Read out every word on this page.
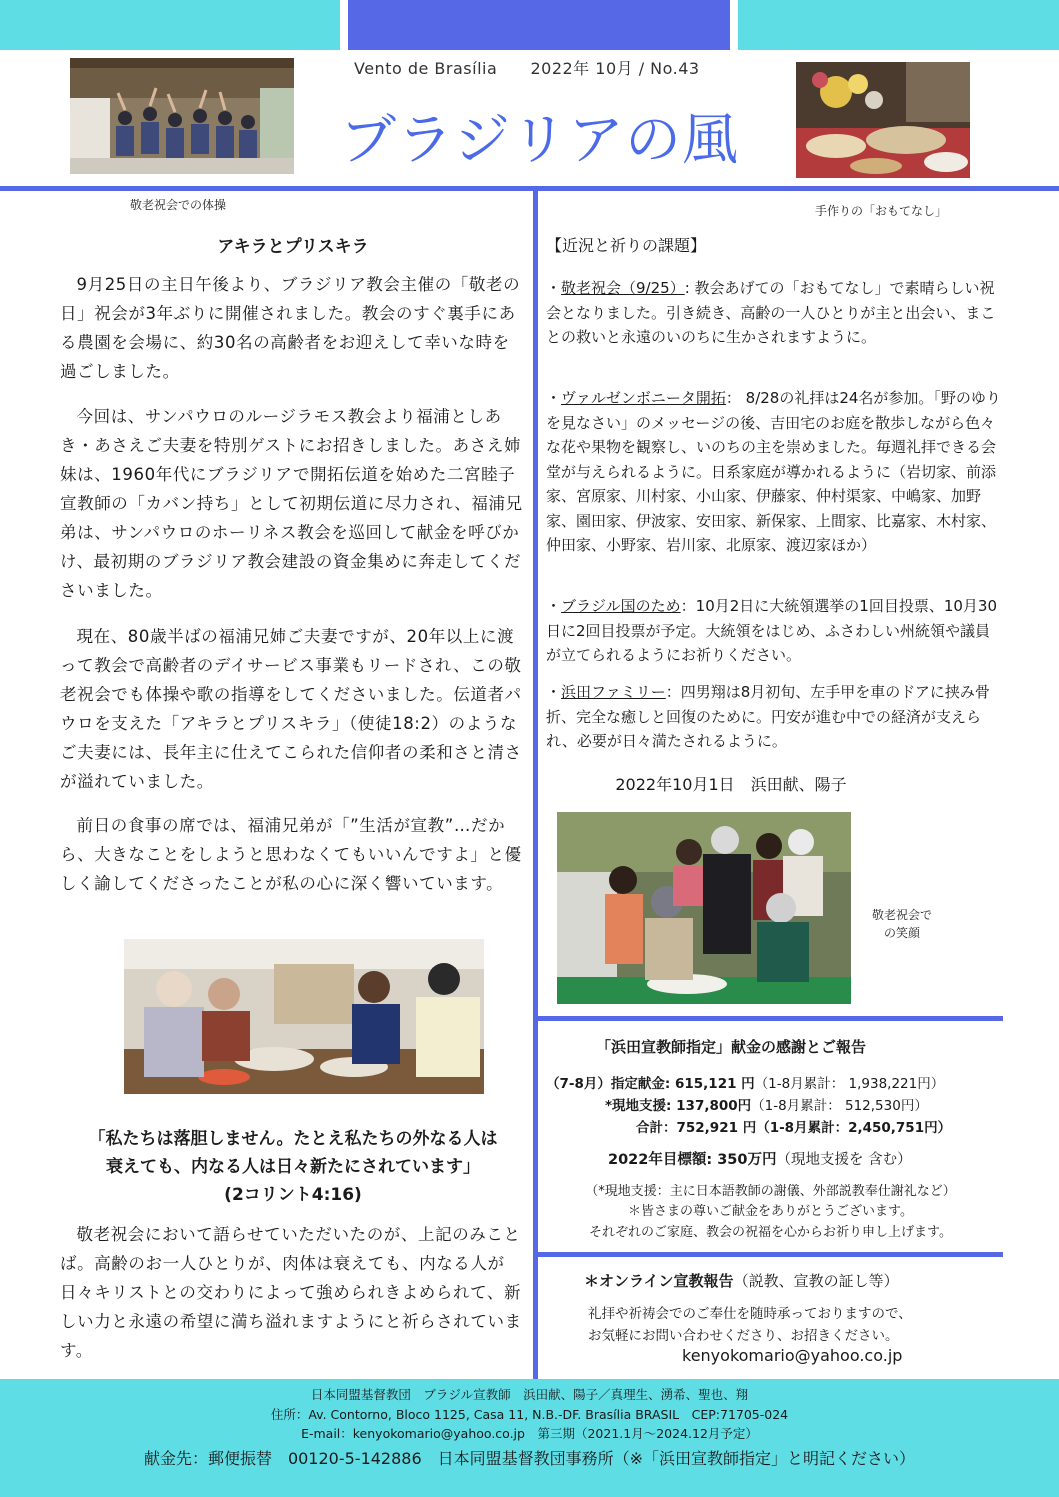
Vento de Brasília 2022年 10月 / No.43
ブラジリアの風
敬老祝会での体操	手作りの「おもてなし」
アキラとプリスキラ

9月25日の主日午後より、ブラジリア教会主催の「敬老の日」祝会が3年ぶりに開催されました。教会のすぐ裏手にある農園を会場に、約30名の高齢者をお迎えして幸いな時を過ごしました。

今回は、サンパウロのルージラモス教会より福浦としあき・あさえご夫妻を特別ゲストにお招きしました。あさえ姉妹は、1960年代にブラジリアで開拓伝道を始めた二宮睦子宣教師の「カバン持ち」として初期伝道に尽力され、福浦兄弟は、サンパウロのホーリネス教会を巡回して献金を呼びかけ、最初期のブラジリア教会建設の資金集めに奔走してくださいました。

現在、80歳半ばの福浦兄姉ご夫妻ですが、20年以上に渡って教会で高齢者のデイサービス事業もリードされ、この敬老祝会でも体操や歌の指導をしてくださいました。伝道者パウロを支えた「アキラとプリスキラ」（使徒18:2）のようなご夫妻には、長年主に仕えてこられた信仰者の柔和さと清さが溢れていました。

前日の食事の席では、福浦兄弟が「”生活が宣教”…だから、大きなことをしようと思わなくてもいいんですよ」と優しく諭してくださったことが私の心に深く響いています。

「私たちは落胆しません。たとえ私たちの外なる人は
衰えても、内なる人は日々新たにされています」
(2コリント4:16)

敬老祝会において語らせていただいたのが、上記のみことば。高齢のお一人ひとりが、肉体は衰えても、内なる人が日々キリストとの交わりによって強められきよめられて、新しい力と永遠の希望に満ち溢れますようにと祈らされています。

【近況と祈りの課題】

・敬老祝会（9/25）: 教会あげての「おもてなし」で素晴らしい祝会となりました。引き続き、高齢の一人ひとりが主と出会い、まことの救いと永遠のいのちに生かされますように。

・ヴァルゼンボニータ開拓： 8/28の礼拝は24名が参加。「野のゆりを見なさい」のメッセージの後、吉田宅のお庭を散歩しながら色々な花や果物を観察し、いのちの主を崇めました。毎週礼拝できる会堂が与えられるように。日系家庭が導かれるように（岩切家、前添家、宮原家、川村家、小山家、伊藤家、仲村渠家、中嶋家、加野家、園田家、伊波家、安田家、新保家、上間家、比嘉家、木村家、仲田家、小野家、岩川家、北原家、渡辺家ほか）

・ブラジル国のため：10月2日に大統領選挙の1回目投票、10月30日に2回目投票が予定。大統領をはじめ、ふさわしい州統領や議員が立てられるようにお祈りください。

・浜田ファミリー：四男翔は8月初旬、左手甲を車のドアに挟み骨折、完全な癒しと回復のために。円安が進む中での経済が支えられ、必要が日々満たされるように。

2022年10月1日　浜田献、陽子
敬老祝会で
の笑顔
「浜田宣教師指定」献金の感謝とご報告
（7-8月）指定献金: 615,121 円（1-8月累計： 1,938,221円）
*現地支援: 137,800円（1-8月累計： 512,530円）
合計：752,921 円（1-8月累計：2,450,751円）
2022年目標額: 350万円（現地支援を 含む）
（*現地支援：主に日本語教師の謝儀、外部説教奉仕謝礼など）
＊皆さまの尊いご献金をありがとうございます。
それぞれのご家庭、教会の祝福を心からお祈り申し上げます。
＊オンライン宣教報告（説教、宣教の証し等）
礼拝や祈祷会でのご奉仕を随時承っておりますので、
お気軽にお問い合わせくださり、お招きください。
kenyokomario@yahoo.co.jp
日本同盟基督教団　ブラジル宣教師　浜田献、陽子／真理生、湧希、聖也、翔
住所：Av. Contorno, Bloco 1125, Casa 11, N.B.-DF. Brasília BRASIL　CEP:71705-024
E-mail：kenyokomario@yahoo.co.jp　第三期（2021.1月～2024.12月予定）
献金先：郵便振替　00120-5-142886　日本同盟基督教団事務所（※「浜田宣教師指定」と明記ください）
